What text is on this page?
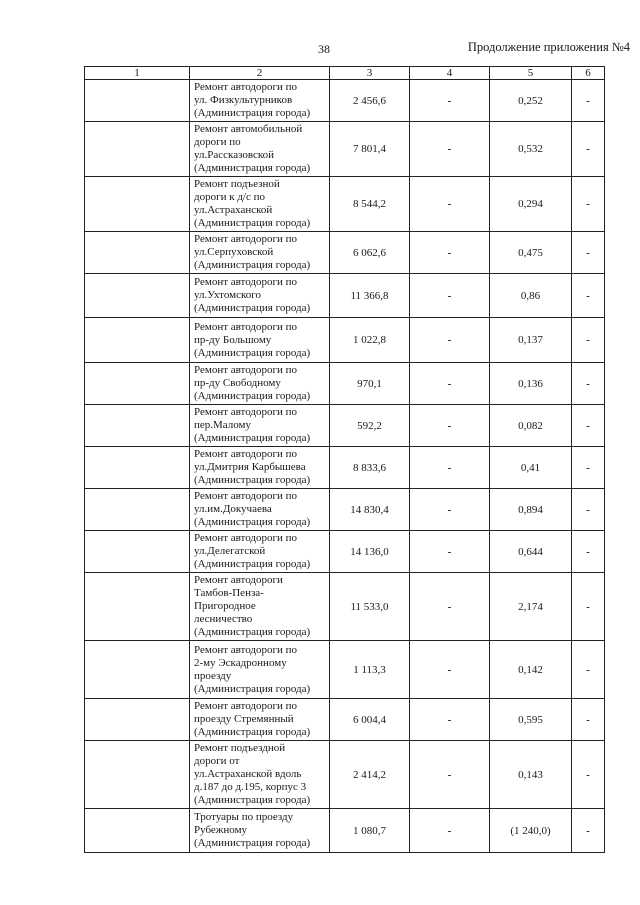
38	Продолжение приложения №4
1	2	3	4	5	6

	Ремонт автодороги по
ул. Физкультурников
(Администрация города)	2 456,6	-	0,252	-

	Ремонт автомобильной
дороги по
ул.Рассказовской
(Администрация города)	7 801,4	-	0,532	-

	Ремонт подъезной
дороги к д/с по
ул.Астраханской
(Администрация города)	8 544,2	-	0,294	-

	Ремонт автодороги по
ул.Серпуховской
(Администрация города)	6 062,6	-	0,475	-

	Ремонт автодороги по
ул.Ухтомского
(Администрация города)	11 366,8	-	0,86	-

	Ремонт автодороги по
пр-ду Большому
(Администрация города)	1 022,8	-	0,137	-

	Ремонт автодороги по
пр-ду Свободному
(Администрация города)	970,1	-	0,136	-

	Ремонт автодороги по
пер.Малому
(Администрация города)	592,2	-	0,082	-

	Ремонт автодороги по
ул.Дмитрия Карбышева
(Администрация города)	8 833,6	-	0,41	-

	Ремонт автодороги по
ул.им.Докучаева
(Администрация города)	14 830,4	-	0,894	-

	Ремонт автодороги по
ул.Делегатской
(Администрация города)	14 136,0	-	0,644	-

	Ремонт автодороги
Тамбов-Пенза-
Пригородное
лесничество
(Администрация города)	11 533,0	-	2,174	-

	Ремонт автодороги по
2-му Эскадронному
проезду
(Администрация города)	1 113,3	-	0,142	-

	Ремонт автодороги по
проезду Стремянный
(Администрация города)	6 004,4	-	0,595	-

	Ремонт подъездной
дороги от
ул.Астраханской вдоль
д.187 до д.195, корпус 3
(Администрация города)	2 414,2	-	0,143	-

	Тротуары по проезду
Рубежному
(Администрация города)	1 080,7	-	(1 240,0)	-
